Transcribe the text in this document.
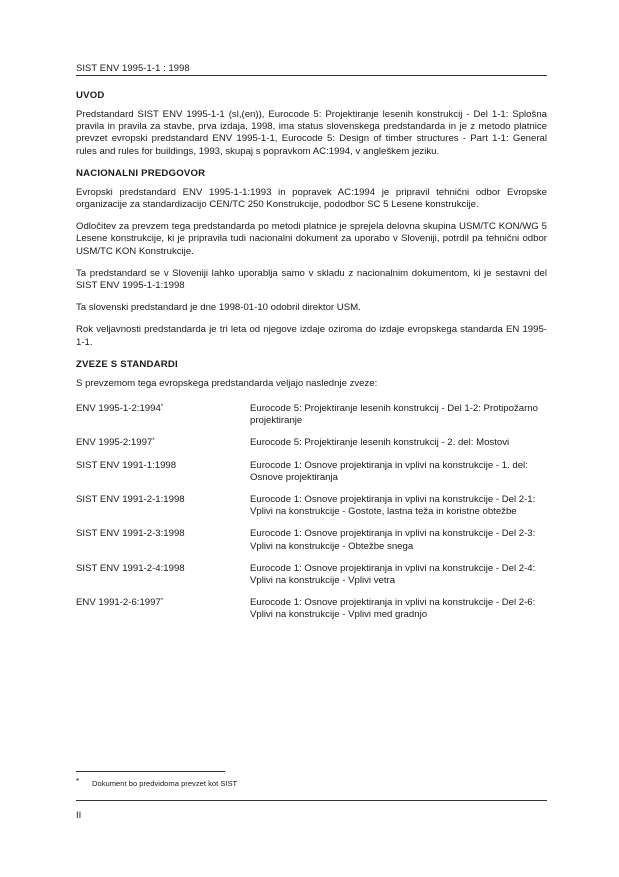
SIST ENV 1995-1-1 : 1998
UVOD

Predstandard SIST ENV 1995-1-1 (sl,(en)), Eurocode 5: Projektiranje lesenih konstrukcij - Del 1-1: Splošna pravila in pravila za stavbe, prva izdaja, 1998, ima status slovenskega predstandarda in je z metodo platnice prevzet evropski predstandard ENV 1995-1-1, Eurocode 5: Design of timber structures - Part 1-1: General rules and rules for buildings, 1993, skupaj s popravkom AC:1994, v angleškem jeziku.

NACIONALNI PREDGOVOR

Evropski predstandard ENV 1995-1-1:1993 in popravek AC:1994 je pripravil tehnični odbor Evropske organizacije za standardizacijo CEN/TC 250 Konstrukcije, pododbor SC 5 Lesene konstrukcije.

Odločitev za prevzem tega predstandarda po metodi platnice je sprejela delovna skupina USM/TC KON/WG 5 Lesene konstrukcije, ki je pripravila tudi nacionalni dokument za uporabo v Sloveniji, potrdil pa tehnični odbor USM/TC KON Konstrukcije.

Ta predstandard se v Sloveniji lahko uporablja samo v skladu z nacionalnim dokumentom, ki je sestavni del SIST ENV 1995-1-1:1998

Ta slovenski predstandard je dne 1998-01-10 odobril direktor USM.

Rok veljavnosti predstandarda je tri leta od njegove izdaje oziroma do izdaje evropskega standarda EN 1995-1-1.

ZVEZE S STANDARDI

S prevzemom tega evropskega predstandarda veljajo naslednje zveze:

ENV 1995-1-2:1994*	Eurocode 5: Projektiranje lesenih konstrukcij - Del 1-2: Protipožarno projektiranje
ENV 1995-2:1997*	Eurocode 5: Projektiranje lesenih konstrukcij - 2. del: Mostovi
SIST ENV 1991-1:1998	Eurocode 1: Osnove projektiranja in vplivi na konstrukcije - 1. del: Osnove projektiranja
SIST ENV 1991-2-1:1998	Eurocode 1: Osnove projektiranja in vplivi na konstrukcije - Del 2-1: Vplivi na konstrukcije - Gostote, lastna teža in koristne obtežbe
SIST ENV 1991-2-3:1998	Eurocode 1: Osnove projektiranja in vplivi na konstrukcije - Del 2-3: Vplivi na konstrukcije - Obtežbe snega
SIST ENV 1991-2-4:1998	Eurocode 1: Osnove projektiranja in vplivi na konstrukcije - Del 2-4: Vplivi na konstrukcije - Vplivi vetra
ENV 1991-2-6:1997*	Eurocode 1: Osnove projektiranja in vplivi na konstrukcije - Del 2-6: Vplivi na konstrukcije - Vplivi med gradnjo
* Dokument bo predvidoma prevzet kot SIST
II
